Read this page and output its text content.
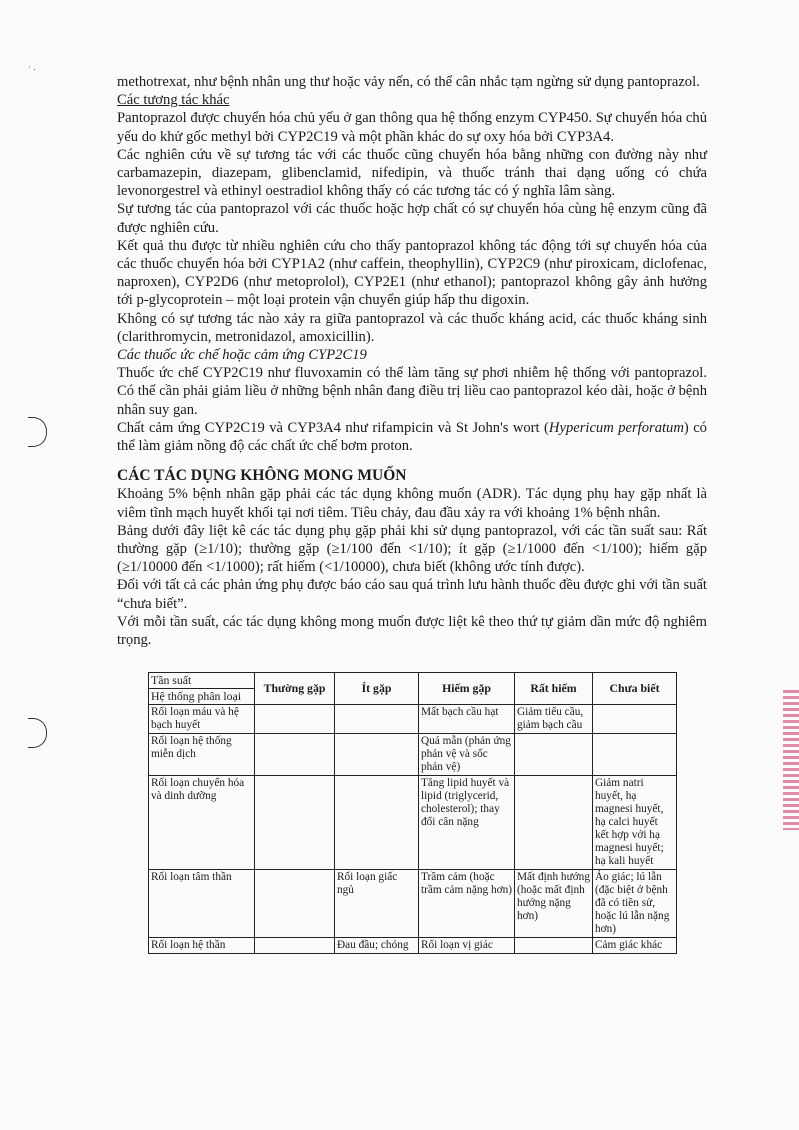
· .

methotrexat, như bệnh nhân ung thư hoặc vảy nến, có thể cân nhắc tạm ngừng sử dụng pantoprazol.

Các tương tác khác

Pantoprazol được chuyển hóa chủ yếu ở gan thông qua hệ thống enzym CYP450. Sự chuyển hóa chủ yếu do khử gốc methyl bởi CYP2C19 và một phần khác do sự oxy hóa bởi CYP3A4.

Các nghiên cứu về sự tương tác với các thuốc cũng chuyển hóa bằng những con đường này như carbamazepin, diazepam, glibenclamid, nifedipin, và thuốc tránh thai dạng uống có chứa levonorgestrel và ethinyl oestradiol không thấy có các tương tác có ý nghĩa lâm sàng.

Sự tương tác của pantoprazol với các thuốc hoặc hợp chất có sự chuyển hóa cùng hệ enzym cũng đã được nghiên cứu.

Kết quả thu được từ nhiều nghiên cứu cho thấy pantoprazol không tác động tới sự chuyển hóa của các thuốc chuyển hóa bởi CYP1A2 (như caffein, theophyllin), CYP2C9 (như piroxicam, diclofenac, naproxen), CYP2D6 (như metoprolol), CYP2E1 (như ethanol); pantoprazol không gây ảnh hưởng tới p-glycoprotein – một loại protein vận chuyển giúp hấp thu digoxin.

Không có sự tương tác nào xảy ra giữa pantoprazol và các thuốc kháng acid, các thuốc kháng sinh (clarithromycin, metronidazol, amoxicillin).

Các thuốc ức chế hoặc cảm ứng CYP2C19

Thuốc ức chế CYP2C19 như fluvoxamin có thể làm tăng sự phơi nhiễm hệ thống với pantoprazol. Có thể cần phải giảm liều ở những bệnh nhân đang điều trị liều cao pantoprazol kéo dài, hoặc ở bệnh nhân suy gan.

Chất cảm ứng CYP2C19 và CYP3A4 như rifampicin và St John's wort (Hypericum perforatum) có thể làm giảm nồng độ các chất ức chế bơm proton.

CÁC TÁC DỤNG KHÔNG MONG MUỐN

Khoảng 5% bệnh nhân gặp phải các tác dụng không muốn (ADR). Tác dụng phụ hay gặp nhất là viêm tĩnh mạch huyết khối tại nơi tiêm. Tiêu chảy, đau đầu xảy ra với khoảng 1% bệnh nhân.

Bảng dưới đây liệt kê các tác dụng phụ gặp phải khi sử dụng pantoprazol, với các tần suất sau: Rất thường gặp (≥1/10); thường gặp (≥1/100 đến <1/10); ít gặp (≥1/1000 đến <1/100); hiếm gặp (≥1/10000 đến <1/1000); rất hiếm (<1/10000), chưa biết (không ước tính được).

Đối với tất cả các phản ứng phụ được báo cáo sau quá trình lưu hành thuốc đều được ghi với tần suất “chưa biết”.

Với mỗi tần suất, các tác dụng không mong muốn được liệt kê theo thứ tự giảm dần mức độ nghiêm trọng.

Tần suất
Hệ thống phân loại	Thường gặp	Ít gặp	Hiếm gặp	Rất hiếm	Chưa biết
Rối loạn máu và hệ bạch huyết			Mất bạch cầu hạt	Giảm tiểu cầu, giảm bạch cầu	
Rối loạn hệ thống miễn dịch			Quá mẫn (phản ứng phản vệ và sốc phản vệ)		
Rối loạn chuyển hóa và dinh dưỡng			Tăng lipid huyết và lipid (triglycerid, cholesterol); thay đổi cân nặng		Giảm natri huyết, hạ magnesi huyết, hạ calci huyết kết hợp với hạ magnesi huyết; hạ kali huyết
Rối loạn tâm thần		Rối loạn giấc ngủ	Trầm cảm (hoặc trầm cảm nặng hơn)	Mất định hướng (hoặc mất định hướng nặng hơn)	Ảo giác; lú lẫn (đặc biệt ở bệnh đã có tiền sử, hoặc lú lẫn nặng hơn)
Rối loạn hệ thần		Đau đầu; chóng	Rối loạn vị giác		Cảm giác khác
